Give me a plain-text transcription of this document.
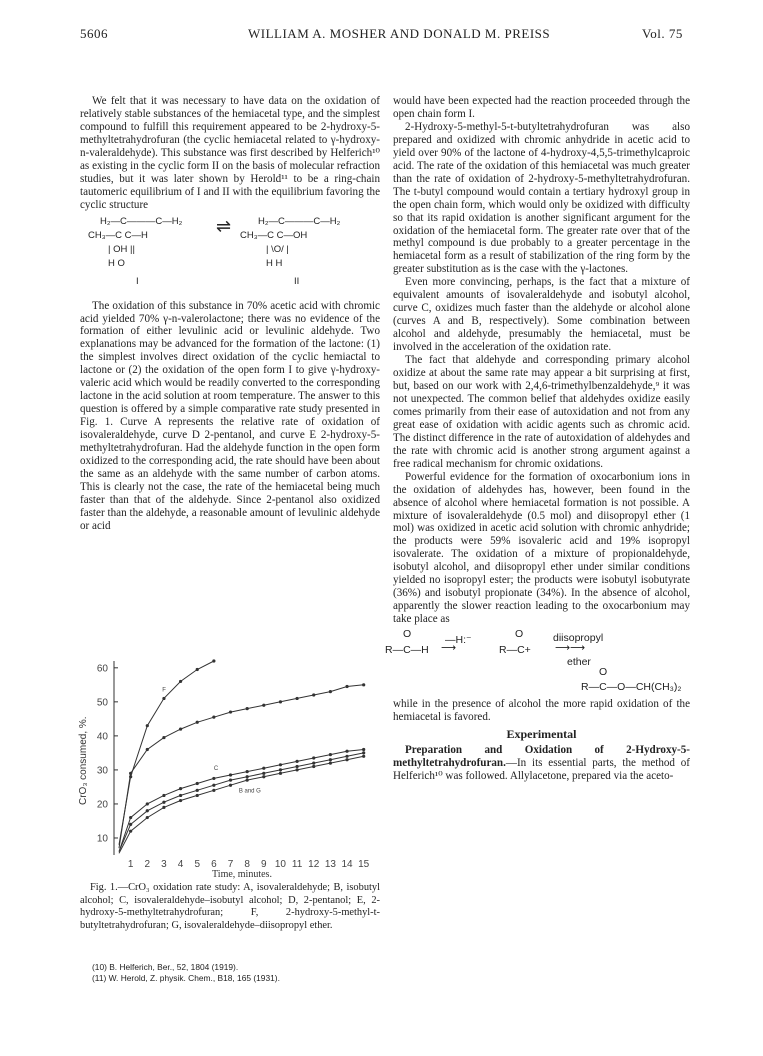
5606	WILLIAM A. MOSHER AND DONALD M. PREISS	Vol. 75

We felt that it was necessary to have data on the oxidation of relatively stable substances of the hemiacetal type, and the simplest compound to fulfill this requirement appeared to be 2-hydroxy-5-methyltetrahydrofuran (the cyclic hemiacetal related to γ-hydroxy-n-valeraldehyde). This substance was first described by Helferich¹⁰ as existing in the cyclic form II on the basis of molecular refraction studies, but it was later shown by Herold¹¹ to be a ring-chain tautomeric equilibrium of I and II with the equilibrium favoring the cyclic structure

H₂—C———C—H₂
CH₃—C C—H
| OH ||
H O
⇌	H₂—C———C—H₂
CH₃—C C—OH
| \O/ |
H H
I	II

The oxidation of this substance in 70% acetic acid with chromic acid yielded 70% γ-n-valerolactone; there was no evidence of the formation of either levulinic acid or levulinic aldehyde. Two explanations may be advanced for the formation of the lactone: (1) the simplest involves direct oxidation of the cyclic hemiactal to lactone or (2) the oxidation of the open form I to give γ-hydroxy-valeric acid which would be readily converted to the corresponding lactone in the acid solution at room temperature. The answer to this question is offered by a simple comparative rate study presented in Fig. 1. Curve A represents the relative rate of oxidation of isovaleraldehyde, curve D 2-pentanol, and curve E 2-hydroxy-5-methyltetrahydrofuran. Had the aldehyde function in the open form oxidized to the corresponding acid, the rate should have been about the same as an aldehyde with the same number of carbon atoms. This is clearly not the case, the rate of the hemiacetal being much faster than that of the aldehyde. Since 2-pentanol also oxidized faster than the aldehyde, a reasonable amount of levulinic aldehyde or acid

10
20
30
40
50
60
1 2 3 4 5 6 7 8 9 10 11 12 13 14 15
F
C
B and G
CrO₃ consumed, %.
Time, minutes.

Fig. 1.—CrO₃ oxidation rate study: A, isovaleraldehyde; B, isobutyl alcohol; C, isovaleraldehyde–isobutyl alcohol; D, 2-pentanol; E, 2-hydroxy-5-methyltetrahydrofuran; F, 2-hydroxy-5-methyl-t-butyltetrahydrofuran; G, isovaleraldehyde–diisopropyl ether.

(10) B. Helferich, Ber., 52, 1804 (1919).
(11) W. Herold, Z. physik. Chem., B18, 165 (1931).

would have been expected had the reaction proceeded through the open chain form I.

2-Hydroxy-5-methyl-5-t-butyltetrahydrofuran was also prepared and oxidized with chromic anhydride in acetic acid to yield over 90% of the lactone of 4-hydroxy-4,5,5-trimethylcaproic acid. The rate of the oxidation of this hemiacetal was much greater than the rate of oxidation of 2-hydroxy-5-methyltetrahydrofuran. The t-butyl compound would contain a tertiary hydroxyl group in the open chain form, which would only be oxidized with difficulty so that its rapid oxidation is another significant argument for the oxidation of the hemiacetal form. The greater rate over that of the methyl compound is due probably to a greater percentage in the hemiacetal form as a result of stabilization of the ring form by the greater substitution as is the case with the γ-lactones.

Even more convincing, perhaps, is the fact that a mixture of equivalent amounts of isovaleraldehyde and isobutyl alcohol, curve C, oxidizes much faster than the aldehyde or alcohol alone (curves A and B, respectively). Some combination between alcohol and aldehyde, presumably the hemiacetal, must be involved in the acceleration of the oxidation rate.

The fact that aldehyde and corresponding primary alcohol oxidize at about the same rate may appear a bit surprising at first, but, based on our work with 2,4,6-trimethylbenzaldehyde,⁹ it was not unexpected. The common belief that aldehydes oxidize easily comes primarily from their ease of autoxidation and not from any great ease of oxidation with acidic agents such as chromic acid. The distinct difference in the rate of autoxidation of aldehydes and the rate with chromic acid is another strong argument against a free radical mechanism for chromic oxidations.

Powerful evidence for the formation of oxocarbonium ions in the oxidation of aldehydes has, however, been found in the absence of alcohol where hemiacetal formation is not possible. A mixture of isovaleraldehyde (0.5 mol) and diisopropyl ether (1 mol) was oxidized in acetic acid solution with chromic anhydride; the products were 59% isovaleric acid and 19% isopropyl isovalerate. The oxidation of a mixture of propionaldehyde, isobutyl alcohol, and diisopropyl ether under similar conditions yielded no isopropyl ester; the products were isobutyl isobutyrate (36%) and isobutyl propionate (34%). In the absence of alcohol, apparently the slower reaction leading to the oxocarbonium may take place as

O	O
R—C—H
—H:⁻
⟶	R—C+
diisopropyl
⟶⟶
ether
O
R—C—O—CH(CH₃)₂

while in the presence of alcohol the more rapid oxidation of the hemiacetal is favored.

Experimental

Preparation and Oxidation of 2-Hydroxy-5-methyltetrahydrofuran.—In its essential parts, the method of Helferich¹⁰ was followed. Allylacetone, prepared via the aceto-
